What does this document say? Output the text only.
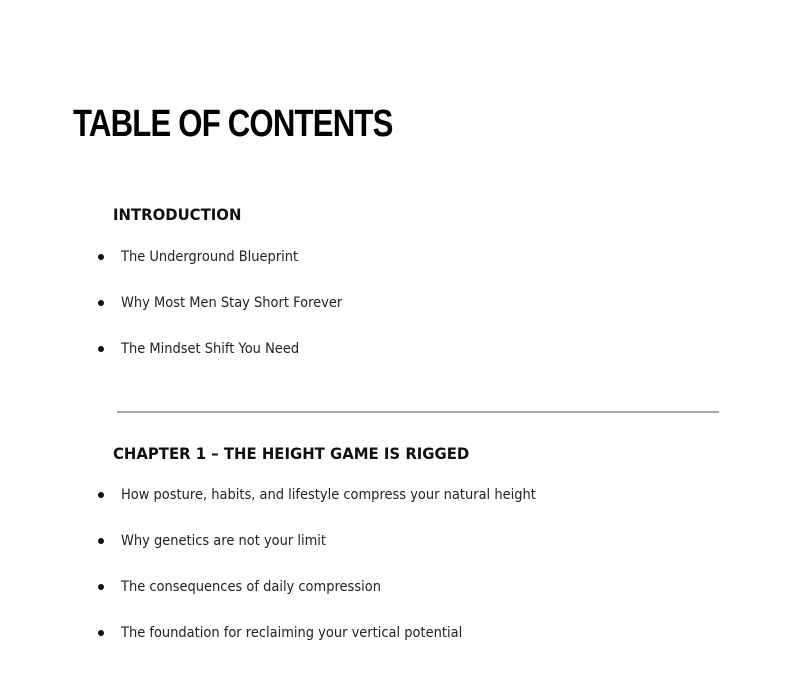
TABLE OF CONTENTS
INTRODUCTION
The Underground Blueprint
Why Most Men Stay Short Forever
The Mindset Shift You Need
CHAPTER 1 – THE HEIGHT GAME IS RIGGED
How posture, habits, and lifestyle compress your natural height
Why genetics are not your limit
The consequences of daily compression
The foundation for reclaiming your vertical potential
